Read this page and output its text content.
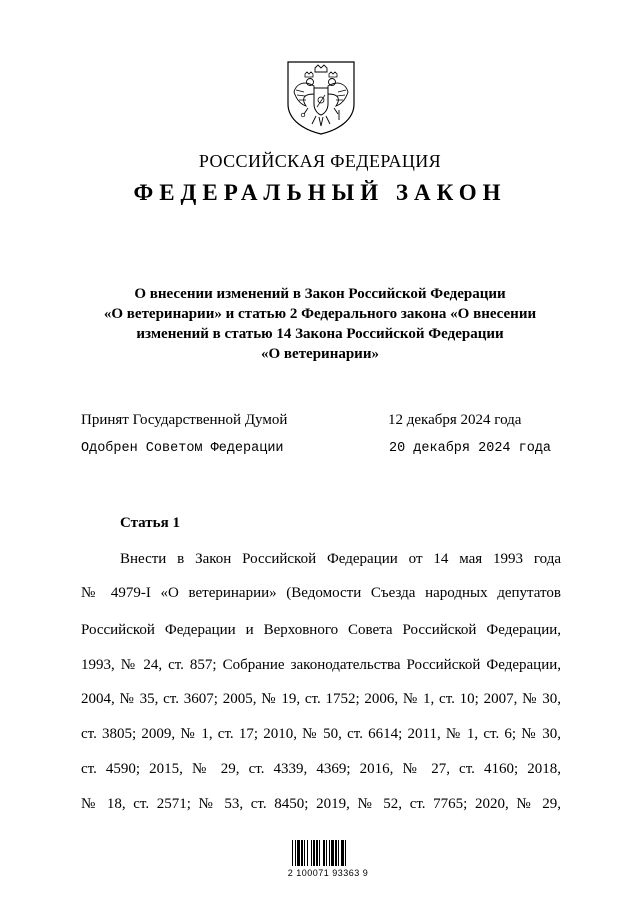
РОССИЙСКАЯ ФЕДЕРАЦИЯ
ФЕДЕРАЛЬНЫЙ ЗАКОН
О внесении изменений в Закон Российской Федерации
«О ветеринарии» и статью 2 Федерального закона «О внесении
изменений в статью 14 Закона Российской Федерации
«О ветеринарии»
Принят Государственной Думой	12 декабря 2024 года
Одобрен Советом Федерации	20 декабря 2024 года
Статья 1
Внести в Закон Российской Федерации от 14 мая 1993 года
№ 4979-I «О ветеринарии» (Ведомости Съезда народных депутатов
Российской Федерации и Верховного Совета Российской Федерации,
1993, № 24, ст. 857; Собрание законодательства Российской Федерации,
2004, № 35, ст. 3607; 2005, № 19, ст. 1752; 2006, № 1, ст. 10; 2007, № 30,
ст. 3805; 2009, № 1, ст. 17; 2010, № 50, ст. 6614; 2011, № 1, ст. 6; № 30,
ст. 4590; 2015, № 29, ст. 4339, 4369; 2016, № 27, ст. 4160; 2018,
№ 18, ст. 2571; № 53, ст. 8450; 2019, № 52, ст. 7765; 2020, № 29,
2 100071 93363 9
